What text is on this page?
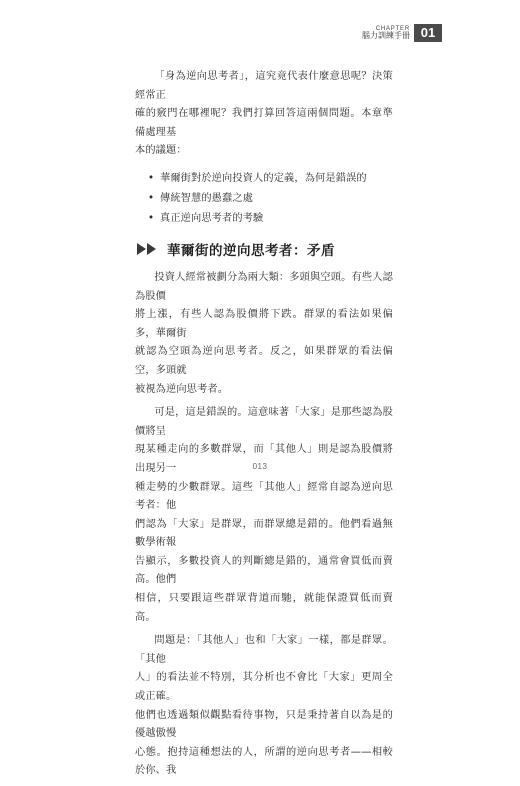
CHAPTER
腦力訓練手冊 01

「身為逆向思考者」，這究竟代表什麼意思呢？決策經常正
確的竅門在哪裡呢？我們打算回答這兩個問題。本章準備處理基
本的議題：

• 華爾街對於逆向投資人的定義，為何是錯誤的
• 傳統智慧的愚蠢之處
• 真正逆向思考者的考驗
華爾街的逆向思考者：矛盾

投資人經常被劃分為兩大類：多頭與空頭。有些人認為股價
將上漲，有些人認為股價將下跌。群眾的看法如果偏多，華爾街
就認為空頭為逆向思考者。反之，如果群眾的看法偏空，多頭就
被視為逆向思考者。

可是，這是錯誤的。這意味著「大家」是那些認為股價將呈
現某種走向的多數群眾，而「其他人」則是認為股價將出現另一
種走勢的少數群眾。這些「其他人」經常自認為逆向思考者：他
們認為「大家」是群眾，而群眾總是錯的。他們看過無數學術報
告顯示，多數投資人的判斷總是錯的，通常會買低而賣高。他們
相信，只要跟這些群眾背道而馳，就能保證買低而賣高。

問題是：「其他人」也和「大家」一樣，都是群眾。「其他
人」的看法並不特別，其分析也不會比「大家」更周全或正確。
他們也透過類似觀點看待事物，只是秉持著自以為是的優越傲慢
心態。抱持這種想法的人，所謂的逆向思考者——相較於你、我

013
